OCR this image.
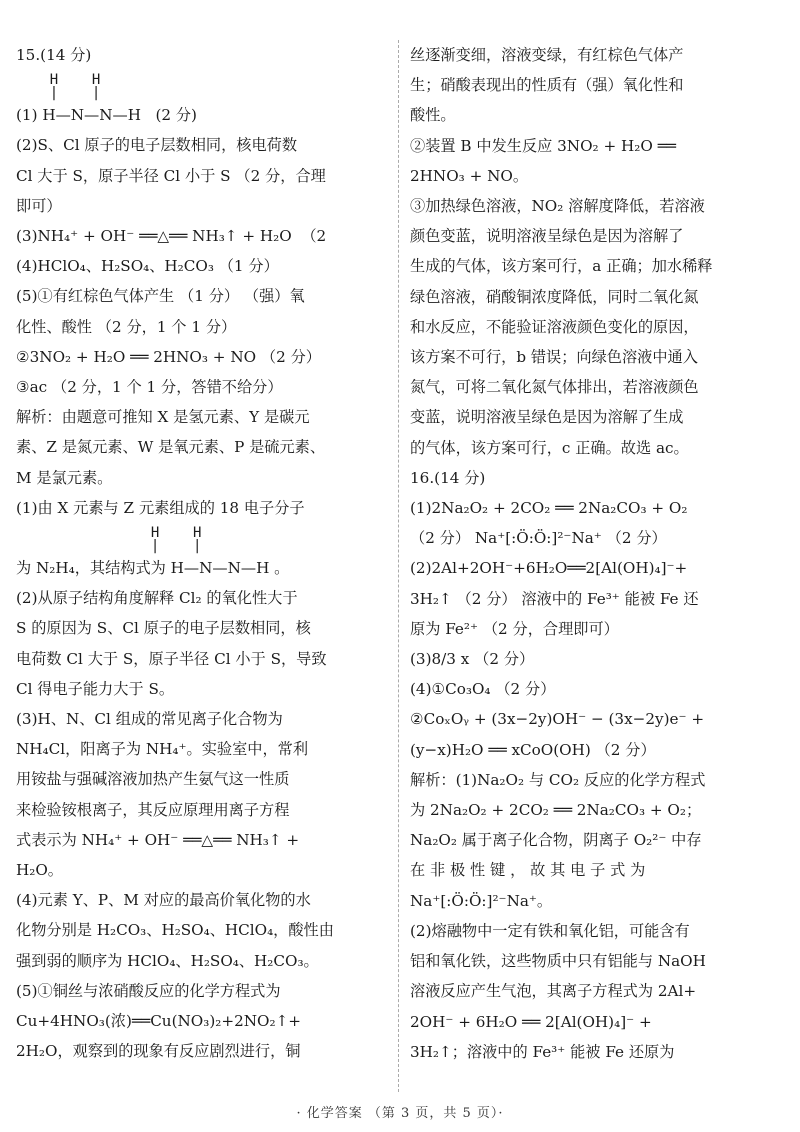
15.(14 分)

H    H
|    |

(1) H—N—N—H   (2 分)

(2)S、Cl 原子的电子层数相同，核电荷数

Cl 大于 S，原子半径 Cl 小于 S （2 分，合理

即可）

(3)NH₄⁺ + OH⁻ ══△══ NH₃↑ + H₂O  （2

(4)HClO₄、H₂SO₄、H₂CO₃ （1 分）

(5)①有红棕色气体产生 （1 分） （强）氧

化性、酸性 （2 分，1 个 1 分）

②3NO₂ + H₂O ══ 2HNO₃ + NO （2 分）

③ac （2 分，1 个 1 分，答错不给分）

解析：由题意可推知 X 是氢元素、Y 是碳元

素、Z 是氮元素、W 是氧元素、P 是硫元素、

M 是氯元素。

(1)由 X 元素与 Z 元素组成的 18 电子分子

H    H
|    |

为 N₂H₄，其结构式为 H—N—N—H 。

(2)从原子结构角度解释 Cl₂ 的氧化性大于

S 的原因为 S、Cl 原子的电子层数相同，核

电荷数 Cl 大于 S，原子半径 Cl 小于 S，导致

Cl 得电子能力大于 S。

(3)H、N、Cl 组成的常见离子化合物为

NH₄Cl，阳离子为 NH₄⁺。实验室中，常利

用铵盐与强碱溶液加热产生氨气这一性质

来检验铵根离子，其反应原理用离子方程

式表示为 NH₄⁺ + OH⁻ ══△══ NH₃↑ +

H₂O。

(4)元素 Y、P、M 对应的最高价氧化物的水

化物分别是 H₂CO₃、H₂SO₄、HClO₄，酸性由

强到弱的顺序为 HClO₄、H₂SO₄、H₂CO₃。

(5)①铜丝与浓硝酸反应的化学方程式为

Cu+4HNO₃(浓)══Cu(NO₃)₂+2NO₂↑+

2H₂O，观察到的现象有反应剧烈进行，铜

丝逐渐变细，溶液变绿，有红棕色气体产

生；硝酸表现出的性质有（强）氧化性和

酸性。

②装置 B 中发生反应 3NO₂ + H₂O ══

2HNO₃ + NO。

③加热绿色溶液，NO₂ 溶解度降低，若溶液

颜色变蓝，说明溶液呈绿色是因为溶解了

生成的气体，该方案可行，a 正确；加水稀释

绿色溶液，硝酸铜浓度降低，同时二氧化氮

和水反应，不能验证溶液颜色变化的原因，

该方案不可行，b 错误；向绿色溶液中通入

氮气，可将二氧化氮气体排出，若溶液颜色

变蓝，说明溶液呈绿色是因为溶解了生成

的气体，该方案可行，c 正确。故选 ac。

16.(14 分)

(1)2Na₂O₂ + 2CO₂ ══ 2Na₂CO₃ + O₂

（2 分） Na⁺[:Ö:Ö:]²⁻Na⁺ （2 分）

(2)2Al+2OH⁻+6H₂O══2[Al(OH)₄]⁻+

3H₂↑ （2 分） 溶液中的 Fe³⁺ 能被 Fe 还

原为 Fe²⁺ （2 分，合理即可）

(3)8/3 x （2 分）

(4)①Co₃O₄ （2 分）

②CoₓOᵧ + (3x−2y)OH⁻ − (3x−2y)e⁻ +

(y−x)H₂O ══ xCoO(OH) （2 分）

解析：(1)Na₂O₂ 与 CO₂ 反应的化学方程式

为 2Na₂O₂ + 2CO₂ ══ 2Na₂CO₃ + O₂；

Na₂O₂ 属于离子化合物，阴离子 O₂²⁻ 中存

在 非 极 性 键 ， 故 其 电 子 式 为

Na⁺[:Ö:Ö:]²⁻Na⁺。

(2)熔融物中一定有铁和氧化铝，可能含有

铝和氧化铁，这些物质中只有铝能与 NaOH

溶液反应产生气泡，其离子方程式为 2Al+

2OH⁻ + 6H₂O ══ 2[Al(OH)₄]⁻ +

3H₂↑；溶液中的 Fe³⁺ 能被 Fe 还原为

· 化学答案 （第 3 页，共 5 页）·
